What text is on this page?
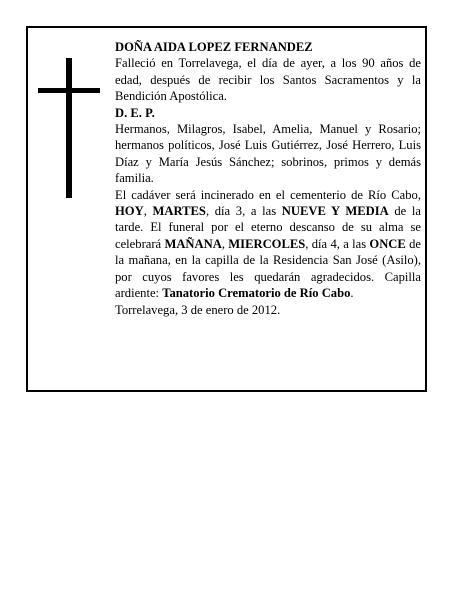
DOÑA AIDA LOPEZ FERNANDEZ

Falleció en Torrelavega, el día de ayer, a los 90 años de edad, después de recibir los Santos Sacramentos y la Bendición Apostólica.

D. E. P.

Hermanos, Milagros, Isabel, Amelia, Manuel y Rosario; hermanos políticos, José Luis Gutiérrez, José Herrero, Luis Díaz y María Jesús Sánchez; sobrinos, primos y demás familia.

El cadáver será incinerado en el cementerio de Río Cabo, HOY, MARTES, día 3, a las NUEVE Y MEDIA de la tarde. El funeral por el eterno descanso de su alma se celebrará MAÑANA, MIERCOLES, día 4, a las ONCE de la mañana, en la capilla de la Residencia San José (Asilo), por cuyos favores les quedarán agradecidos. Capilla ardiente: Tanatorio Crematorio de Río Cabo.

Torrelavega, 3 de enero de 2012.
